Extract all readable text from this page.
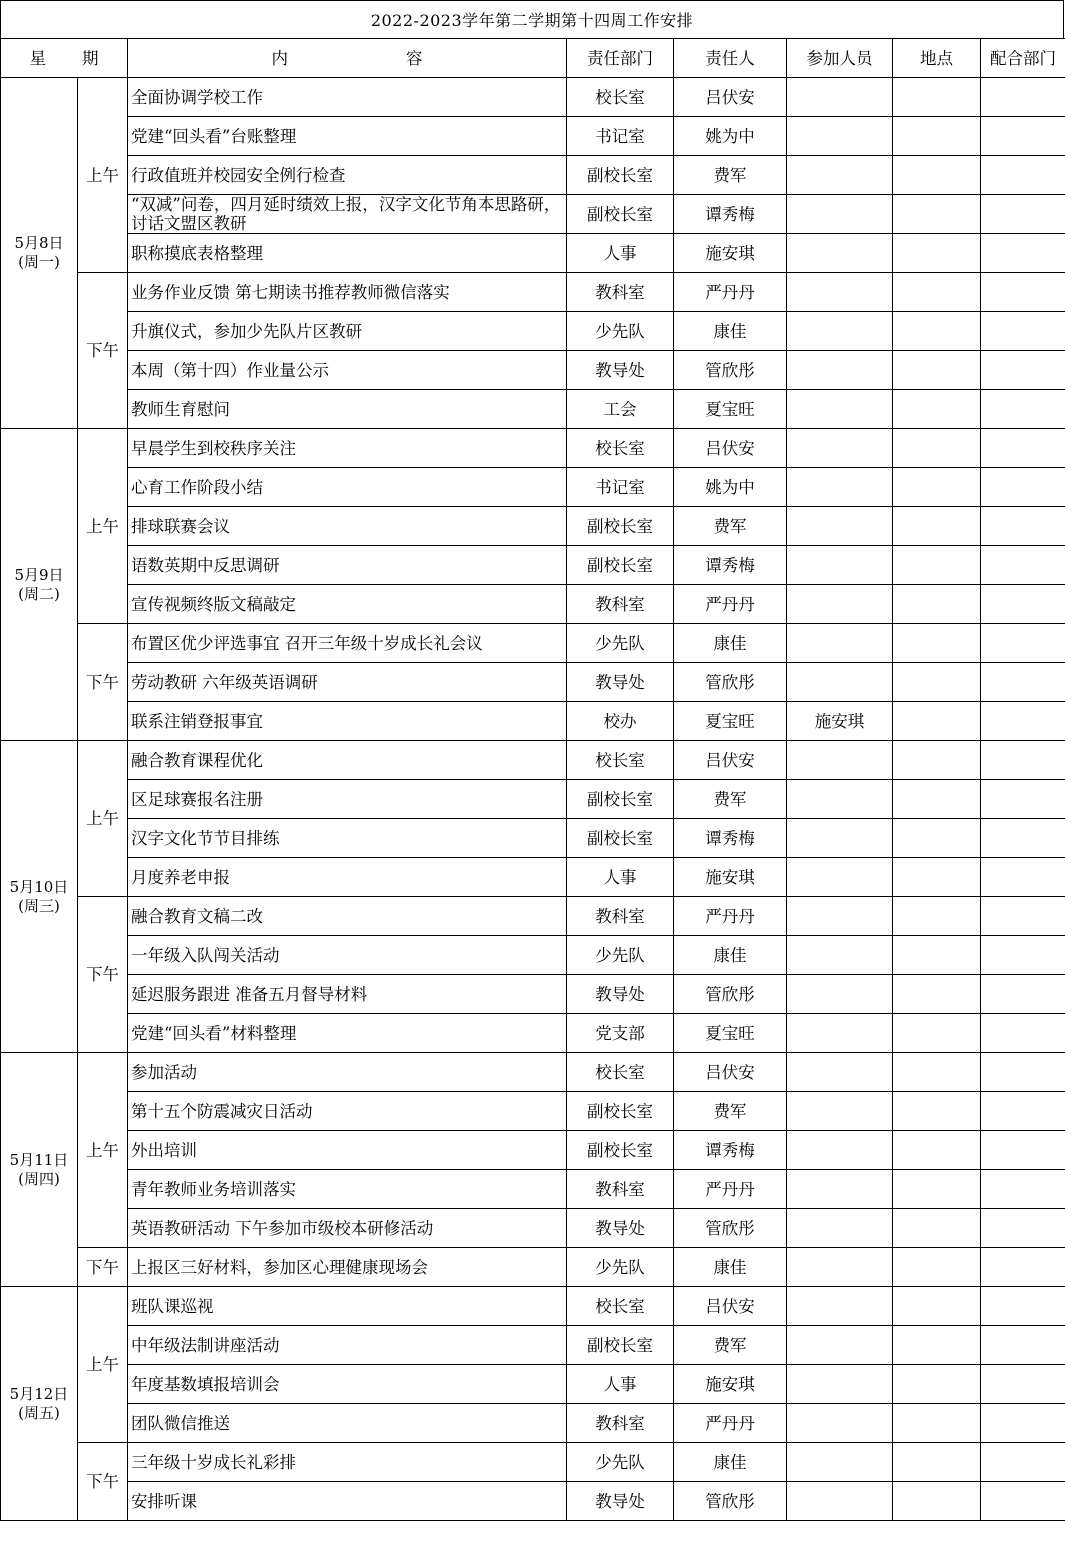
2022-2023学年第二学期第十四周工作安排
星 期		内 容	责任部门	责任人	参加人员	地点	配合部门

5月8日
(周一)	上午	全面协调学校工作	校长室	吕伏安			
		党建“回头看”台账整理	书记室	姚为中			
		行政值班并校园安全例行检查	副校长室	费军			
		“双减”问卷，四月延时绩效上报，汉字文化节角本思路研，讨话文盟区教研	副校长室	谭秀梅			
		职称摸底表格整理	人事	施安琪			
	下午	业务作业反馈 第七期读书推荐教师微信落实	教科室	严丹丹			
		升旗仪式，参加少先队片区教研	少先队	康佳			
		本周（第十四）作业量公示	教导处	管欣彤			
		教师生育慰问	工会	夏宝旺			

5月9日
(周二)	上午	早晨学生到校秩序关注	校长室	吕伏安			
		心育工作阶段小结	书记室	姚为中			
		排球联赛会议	副校长室	费军			
		语数英期中反思调研	副校长室	谭秀梅			
		宣传视频终版文稿敲定	教科室	严丹丹			
	下午	布置区优少评选事宜 召开三年级十岁成长礼会议	少先队	康佳			
		劳动教研 六年级英语调研	教导处	管欣彤			
		联系注销登报事宜	校办	夏宝旺	施安琪		

5月10日
(周三)	上午	融合教育课程优化	校长室	吕伏安			
		区足球赛报名注册	副校长室	费军			
		汉字文化节节目排练	副校长室	谭秀梅			
		月度养老申报	人事	施安琪			
	下午	融合教育文稿二改	教科室	严丹丹			
		一年级入队闯关活动	少先队	康佳			
		延迟服务跟进 准备五月督导材料	教导处	管欣彤			
		党建“回头看”材料整理	党支部	夏宝旺			

5月11日
(周四)	上午	参加活动	校长室	吕伏安			
		第十五个防震减灾日活动	副校长室	费军			
		外出培训	副校长室	谭秀梅			
		青年教师业务培训落实	教科室	严丹丹			
		英语教研活动 下午参加市级校本研修活动	教导处	管欣彤			
	下午	上报区三好材料，参加区心理健康现场会	少先队	康佳			

5月12日
(周五)	上午	班队课巡视	校长室	吕伏安			
		中年级法制讲座活动	副校长室	费军			
		年度基数填报培训会	人事	施安琪			
		团队微信推送	教科室	严丹丹			
	下午	三年级十岁成长礼彩排	少先队	康佳			
		安排听课	教导处	管欣彤			
